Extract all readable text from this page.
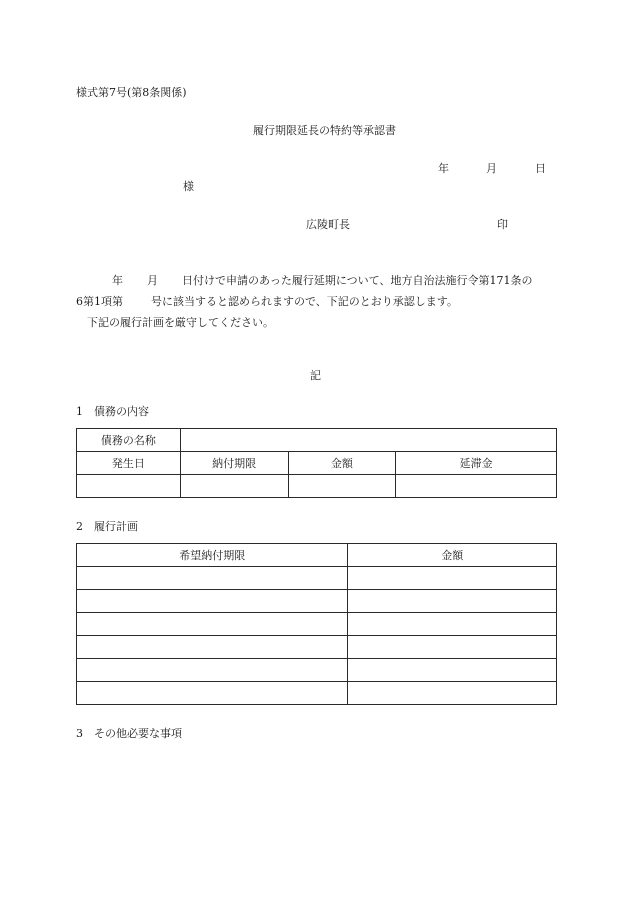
様式第7号(第8条関係)
履行期限延長の特約等承認書
年	月	日
様
広陵町長	印

年 月 日付けで申請のあった履行延期について、地方自治法施行令第171条の

6第1項第	号に該当すると認められますので、下記のとおり承認します。

下記の履行計画を厳守してください。

記
1　債務の内容
債務の名称			
発生日	納付期限	金額	延滞金

2　履行計画
希望納付期限	金額

3　その他必要な事項
